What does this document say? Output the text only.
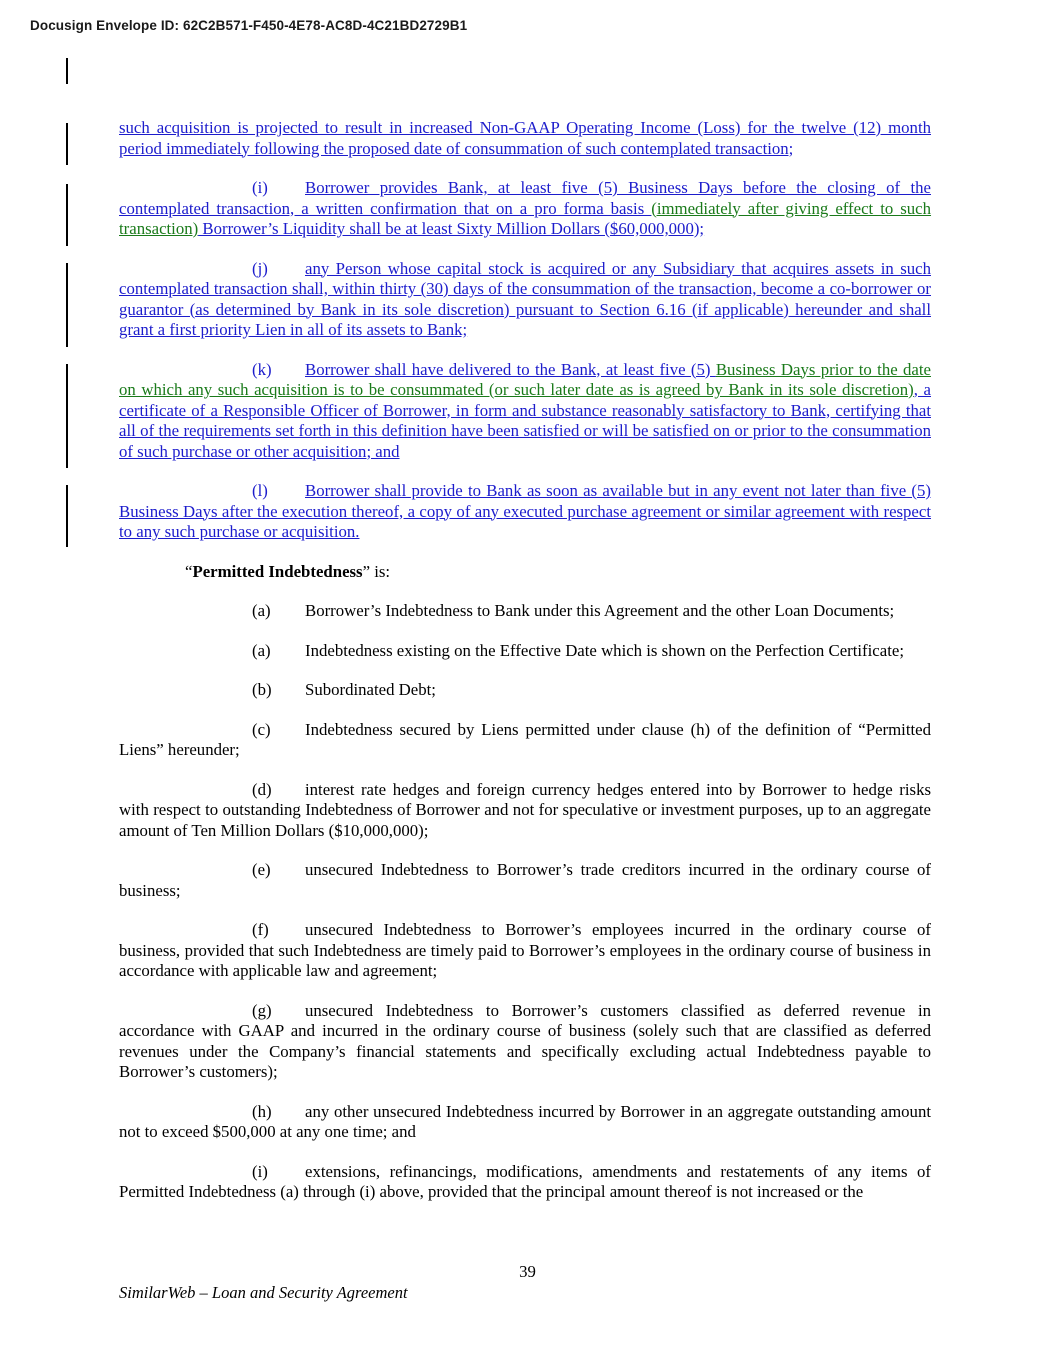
Docusign Envelope ID: 62C2B571-F450-4E78-AC8D-4C21BD2729B1

such acquisition is projected to result in increased Non-GAAP Operating Income (Loss) for the twelve (12) month period immediately following the proposed date of consummation of such contemplated transaction;

(i) Borrower provides Bank, at least five (5) Business Days before the closing of the contemplated transaction, a written confirmation that on a pro forma basis (immediately after giving effect to such transaction) Borrower’s Liquidity shall be at least Sixty Million Dollars ($60,000,000);

(j) any Person whose capital stock is acquired or any Subsidiary that acquires assets in such contemplated transaction shall, within thirty (30) days of the consummation of the transaction, become a co-borrower or guarantor (as determined by Bank in its sole discretion) pursuant to Section 6.16 (if applicable) hereunder and shall grant a first priority Lien in all of its assets to Bank;

(k) Borrower shall have delivered to the Bank, at least five (5) Business Days prior to the date on which any such acquisition is to be consummated (or such later date as is agreed by Bank in its sole discretion), a certificate of a Responsible Officer of Borrower, in form and substance reasonably satisfactory to Bank, certifying that all of the requirements set forth in this definition have been satisfied or will be satisfied on or prior to the consummation of such purchase or other acquisition; and

(l) Borrower shall provide to Bank as soon as available but in any event not later than five (5) Business Days after the execution thereof, a copy of any executed purchase agreement or similar agreement with respect to any such purchase or acquisition.

“Permitted Indebtedness” is:

(a) Borrower’s Indebtedness to Bank under this Agreement and the other Loan Documents;

(a) Indebtedness existing on the Effective Date which is shown on the Perfection Certificate;

(b) Subordinated Debt;

(c) Indebtedness secured by Liens permitted under clause (h) of the definition of “Permitted Liens” hereunder;

(d) interest rate hedges and foreign currency hedges entered into by Borrower to hedge risks with respect to outstanding Indebtedness of Borrower and not for speculative or investment purposes, up to an aggregate amount of Ten Million Dollars ($10,000,000);

(e) unsecured Indebtedness to Borrower’s trade creditors incurred in the ordinary course of business;

(f) unsecured Indebtedness to Borrower’s employees incurred in the ordinary course of business, provided that such Indebtedness are timely paid to Borrower’s employees in the ordinary course of business in accordance with applicable law and agreement;

(g) unsecured Indebtedness to Borrower’s customers classified as deferred revenue in accordance with GAAP and incurred in the ordinary course of business (solely such that are classified as deferred revenues under the Company’s financial statements and specifically excluding actual Indebtedness payable to Borrower’s customers);

(h) any other unsecured Indebtedness incurred by Borrower in an aggregate outstanding amount not to exceed $500,000 at any one time; and

(i) extensions, refinancings, modifications, amendments and restatements of any items of Permitted Indebtedness (a) through (i) above, provided that the principal amount thereof is not increased or the

39
SimilarWeb – Loan and Security Agreement
